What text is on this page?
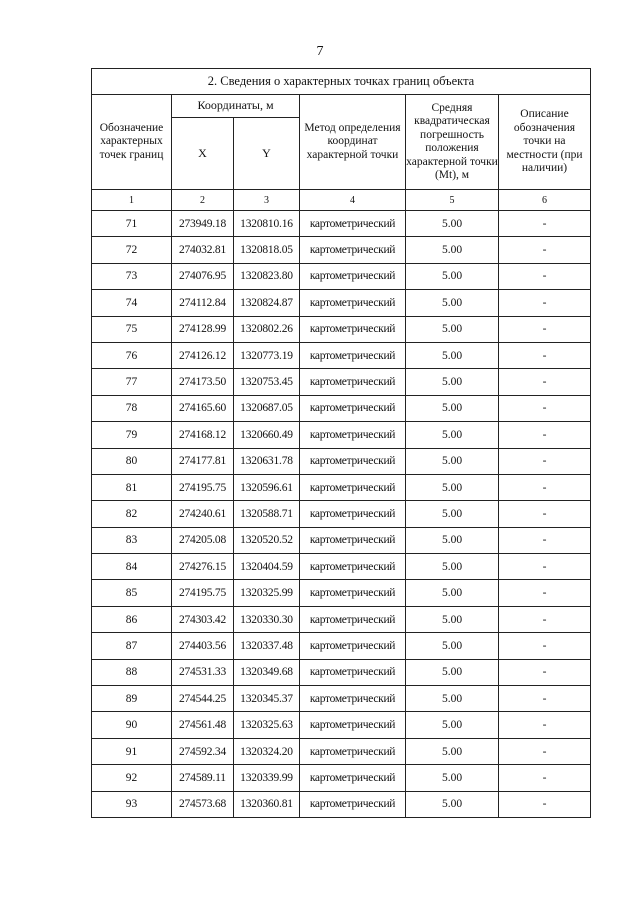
7
2. Сведения о характерных точках границ объекта					
Обозначение характерных точек границ	Координаты, м		Метод определения координат характерной точки	Средняя квадратическая погрешность положения характерной точки (Mt), м	Описание обозначения точки на местности (при наличии)
	X	Y			
1	2	3	4	5	6
71	273949.18	1320810.16	картометрический	5.00	-
72	274032.81	1320818.05	картометрический	5.00	-
73	274076.95	1320823.80	картометрический	5.00	-
74	274112.84	1320824.87	картометрический	5.00	-
75	274128.99	1320802.26	картометрический	5.00	-
76	274126.12	1320773.19	картометрический	5.00	-
77	274173.50	1320753.45	картометрический	5.00	-
78	274165.60	1320687.05	картометрический	5.00	-
79	274168.12	1320660.49	картометрический	5.00	-
80	274177.81	1320631.78	картометрический	5.00	-
81	274195.75	1320596.61	картометрический	5.00	-
82	274240.61	1320588.71	картометрический	5.00	-
83	274205.08	1320520.52	картометрический	5.00	-
84	274276.15	1320404.59	картометрический	5.00	-
85	274195.75	1320325.99	картометрический	5.00	-
86	274303.42	1320330.30	картометрический	5.00	-
87	274403.56	1320337.48	картометрический	5.00	-
88	274531.33	1320349.68	картометрический	5.00	-
89	274544.25	1320345.37	картометрический	5.00	-
90	274561.48	1320325.63	картометрический	5.00	-
91	274592.34	1320324.20	картометрический	5.00	-
92	274589.11	1320339.99	картометрический	5.00	-
93	274573.68	1320360.81	картометрический	5.00	-
